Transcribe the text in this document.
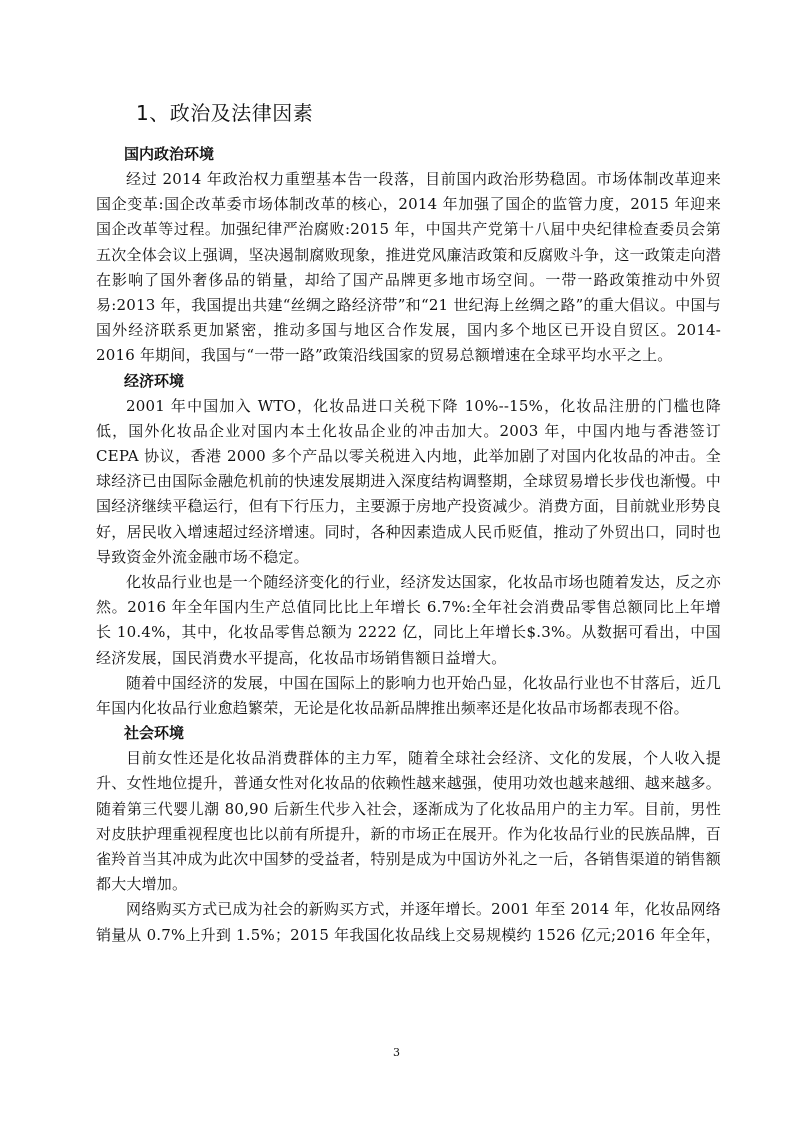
1、政治及法律因素
国内政治环境

经过 2014 年政治权力重塑基本告一段落，目前国内政治形势稳固。市场体制改革迎来国企变革:国企改革委市场体制改革的核心，2014 年加强了国企的监管力度，2015 年迎来国企改革等过程。加强纪律严治腐败:2015 年，中国共产党第十八届中央纪律检查委员会第五次全体会议上强调，坚决遏制腐败现象，推进党风廉洁政策和反腐败斗争，这一政策走向潜在影响了国外奢侈品的销量，却给了国产品牌更多地市场空间。一带一路政策推动中外贸易:2013 年，我国提出共建“丝绸之路经济带”和“21 世纪海上丝绸之路”的重大倡议。中国与国外经济联系更加紧密，推动多国与地区合作发展，国内多个地区已开设自贸区。2014-2016 年期间，我国与“一带一路”政策沿线国家的贸易总额增速在全球平均水平之上。

经济环境

2001 年中国加入 WTO，化妆品进口关税下降 10%--15%，化妆品注册的门槛也降低，国外化妆品企业对国内本土化妆品企业的冲击加大。2003 年，中国内地与香港签订 CEPA 协议，香港 2000 多个产品以零关税进入内地，此举加剧了对国内化妆品的冲击。全球经济已由国际金融危机前的快速发展期进入深度结构调整期，全球贸易增长步伐也渐慢。中国经济继续平稳运行，但有下行压力，主要源于房地产投资减少。消费方面，目前就业形势良好，居民收入增速超过经济增速。同时，各种因素造成人民币贬值，推动了外贸出口，同时也导致资金外流金融市场不稳定。

化妆品行业也是一个随经济变化的行业，经济发达国家，化妆品市场也随着发达，反之亦然。2016 年全年国内生产总值同比比上年增长 6.7%:全年社会消费品零售总额同比上年增长 10.4%，其中，化妆品零售总额为 2222 亿，同比上年增长$.3%。从数据可看出，中国经济发展，国民消费水平提高，化妆品市场销售额日益增大。

随着中国经济的发展，中国在国际上的影响力也开始凸显，化妆品行业也不甘落后，近几年国内化妆品行业愈趋繁荣，无论是化妆品新品牌推出频率还是化妆品市场都表现不俗。

社会环境

目前女性还是化妆品消费群体的主力军，随着全球社会经济、文化的发展，个人收入提升、女性地位提升，普通女性对化妆品的依赖性越来越强，使用功效也越来越细、越来越多。随着第三代婴儿潮 80,90 后新生代步入社会，逐渐成为了化妆品用户的主力军。目前，男性对皮肤护理重视程度也比以前有所提升，新的市场正在展开。作为化妆品行业的民族品牌，百雀羚首当其冲成为此次中国梦的受益者，特别是成为中国访外礼之一后，各销售渠道的销售额都大大增加。

网络购买方式已成为社会的新购买方式，并逐年增长。2001 年至 2014 年，化妆品网络销量从 0.7%上升到 1.5%；2015 年我国化妆品线上交易规模约 1526 亿元;2016 年全年，

3
